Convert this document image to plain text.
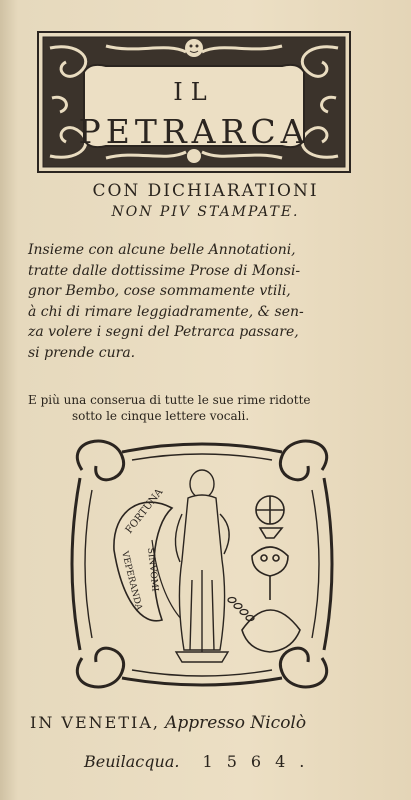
IL
PETRARCA
CON DICHIARATIONI
NON PIV STAMPATE.
Insieme con alcune belle Annotationi,
tratte dalle dottissime Prose di Monsi-
gnor Bembo, cose sommamente vtili,
à chi di rimare leggiadramente, & sen-
za volere i segni del Petrarca passare,
si prende cura.
E più una conserua di tutte le sue rime ridotte
sotto le cinque lettere vocali.
FORTUNA
SINVOMI
VEPERANDA
IN VENETIA, Appresso Nicolò
Beuilacqua. 1564.
